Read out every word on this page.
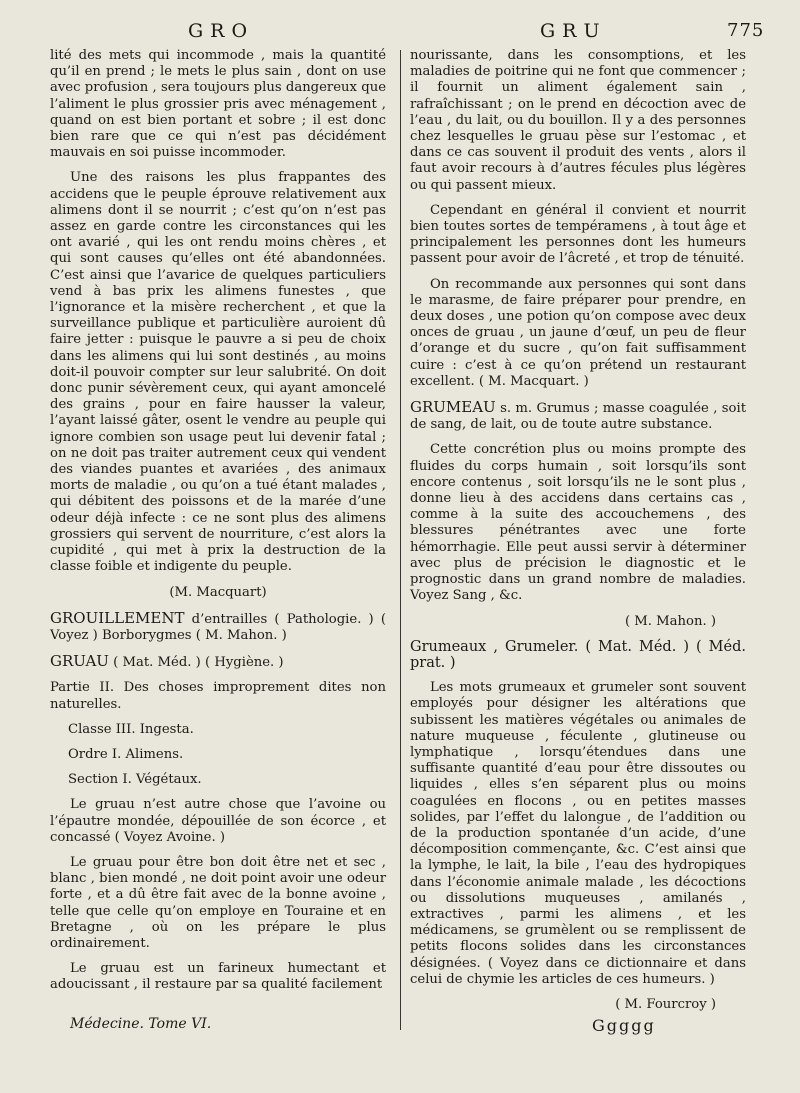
GRO	GRU	775

lité des mets qui incommode , mais la quantité qu’il en prend ; le mets le plus sain , dont on use avec profusion , sera toujours plus dangereux que l’aliment le plus grossier pris avec ménagement , quand on est bien portant et sobre ; il est donc bien rare que ce qui n’est pas décidément mauvais en soi puisse incommoder.

Une des raisons les plus frappantes des accidens que le peuple éprouve relativement aux alimens dont il se nourrit ; c’est qu’on n’est pas assez en garde contre les circonstances qui les ont avarié , qui les ont rendu moins chères , et qui sont causes qu’elles ont été abandonnées. C’est ainsi que l’avarice de quelques particuliers vend à bas prix les alimens funestes , que l’ignorance et la misère recherchent , et que la surveillance publique et particulière auroient dû faire jetter : puisque le pauvre a si peu de choix dans les alimens qui lui sont destinés , au moins doit-il pouvoir compter sur leur salubrité. On doit donc punir sévèrement ceux, qui ayant amoncelé des grains , pour en faire hausser la valeur, l’ayant laissé gâter, osent le vendre au peuple qui ignore combien son usage peut lui devenir fatal ; on ne doit pas traiter autrement ceux qui vendent des viandes puantes et avariées , des animaux morts de maladie , ou qu’on a tué étant malades , qui débitent des poissons et de la marée d’une odeur déjà infecte : ce ne sont plus des alimens grossiers qui servent de nourriture, c’est alors la cupidité , qui met à prix la destruction de la classe foible et indigente du peuple.

(M. Macquart)

GROUILLEMENT d’entrailles ( Pathologie. ) ( Voyez ) Borborygmes ( M. Mahon. )

GRUAU ( Mat. Méd. ) ( Hygiène. )

Partie II. Des choses improprement dites non naturelles.

Classe III. Ingesta.

Ordre I. Alimens.

Section I. Végétaux.

Le gruau n’est autre chose que l’avoine ou l’épautre mondée, dépouillée de son écorce , et concassé ( Voyez Avoine. )

Le gruau pour être bon doit être net et sec , blanc , bien mondé , ne doit point avoir une odeur forte , et a dû être fait avec de la bonne avoine , telle que celle qu’on employe en Touraine et en Bretagne , où on les prépare le plus ordinairement.

Le gruau est un farineux humectant et adoucissant , il restaure par sa qualité facilement

nourissante, dans les consomptions, et les maladies de poitrine qui ne font que commencer ; il fournit un aliment également sain , rafraîchissant ; on le prend en décoction avec de l’eau , du lait, ou du bouillon. Il y a des personnes chez lesquelles le gruau pèse sur l’estomac , et dans ce cas souvent il produit des vents , alors il faut avoir recours à d’autres fécules plus légères ou qui passent mieux.

Cependant en général il convient et nourrit bien toutes sortes de tempéramens , à tout âge et principalement les personnes dont les humeurs passent pour avoir de l’âcreté , et trop de ténuité.

On recommande aux personnes qui sont dans le marasme, de faire préparer pour prendre, en deux doses , une potion qu’on compose avec deux onces de gruau , un jaune d’œuf, un peu de fleur d’orange et du sucre , qu’on fait suffisamment cuire : c’est à ce qu’on prétend un restaurant excellent. ( M. Macquart. )

GRUMEAU s. m. Grumus ; masse coagulée , soit de sang, de lait, ou de toute autre substance.

Cette concrétion plus ou moins prompte des fluides du corps humain , soit lorsqu’ils sont encore contenus , soit lorsqu’ils ne le sont plus , donne lieu à des accidens dans certains cas , comme à la suite des accouchemens , des blessures pénétrantes avec une forte hémorrhagie. Elle peut aussi servir à déterminer avec plus de précision le diagnostic et le prognostic dans un grand nombre de maladies. Voyez Sang , &c.

( M. Mahon. )

Grumeaux , Grumeler. ( Mat. Méd. ) ( Méd. prat. )

Les mots grumeaux et grumeler sont souvent employés pour désigner les altérations que subissent les matières végétales ou animales de nature muqueuse , féculente , glutineuse ou lymphatique , lorsqu’étendues dans une suffisante quantité d’eau pour être dissoutes ou liquides , elles s’en séparent plus ou moins coagulées en flocons , ou en petites masses solides, par l’effet du lalongue , de l’addition ou de la production spontanée d’un acide, d’une décomposition commençante, &c. C’est ainsi que la lymphe, le lait, la bile , l’eau des hydropiques dans l’économie animale malade , les décoctions ou dissolutions muqueuses , amilanés , extractives , parmi les alimens , et les médicamens, se grumèlent ou se remplissent de petits flocons solides dans les circonstances désignées. ( Voyez dans ce dictionnaire et dans celui de chymie les articles de ces humeurs. )

( M. Fourcroy )

Médecine. Tome VI.	Ggggg
